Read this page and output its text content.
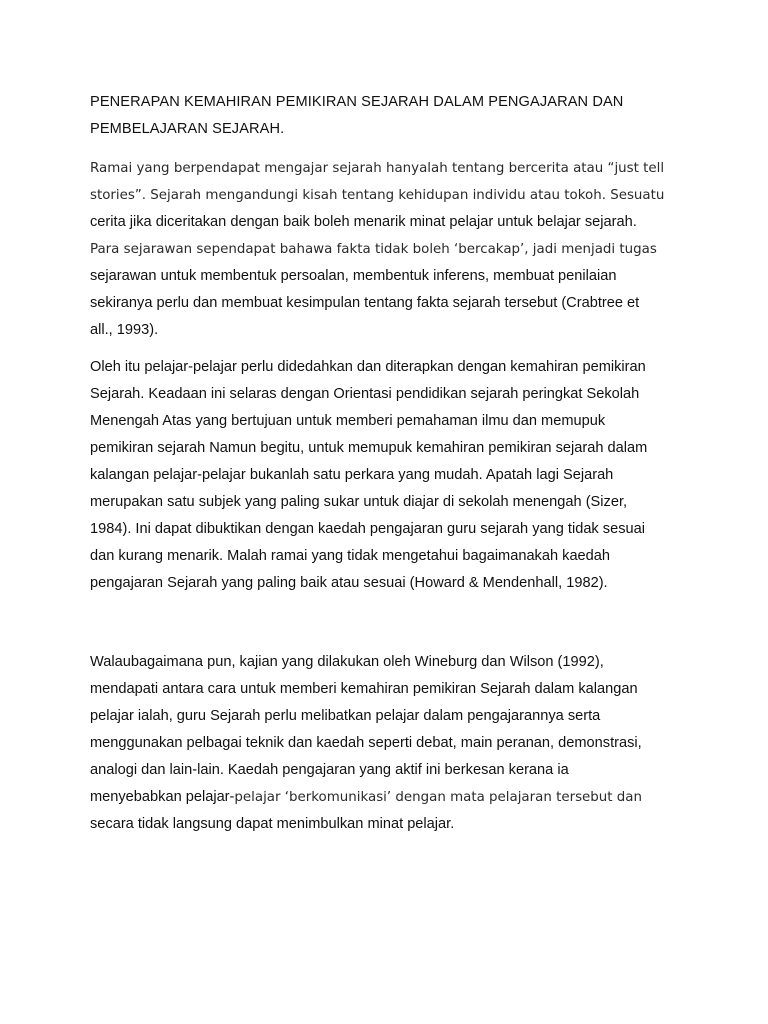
PENERAPAN KEMAHIRAN PEMIKIRAN SEJARAH DALAM PENGAJARAN DAN
PEMBELAJARAN SEJARAH.

Ramai yang berpendapat mengajar sejarah hanyalah tentang bercerita atau “just tell
stories”. Sejarah mengandungi kisah tentang kehidupan individu atau tokoh. Sesuatu
cerita jika diceritakan dengan baik boleh menarik minat pelajar untuk belajar sejarah.
Para sejarawan sependapat bahawa fakta tidak boleh ‘bercakap’, jadi menjadi tugas
sejarawan untuk membentuk persoalan, membentuk inferens, membuat penilaian
sekiranya perlu dan membuat kesimpulan tentang fakta sejarah tersebut (Crabtree et
all., 1993).

Oleh itu pelajar-pelajar perlu didedahkan dan diterapkan dengan kemahiran pemikiran
Sejarah. Keadaan ini selaras dengan Orientasi pendidikan sejarah peringkat Sekolah
Menengah Atas yang bertujuan untuk memberi pemahaman ilmu dan memupuk
pemikiran sejarah Namun begitu, untuk memupuk kemahiran pemikiran sejarah dalam
kalangan pelajar-pelajar bukanlah satu perkara yang mudah. Apatah lagi Sejarah
merupakan satu subjek yang paling sukar untuk diajar di sekolah menengah (Sizer,
1984). Ini dapat dibuktikan dengan kaedah pengajaran guru sejarah yang tidak sesuai
dan kurang menarik. Malah ramai yang tidak mengetahui bagaimanakah kaedah
pengajaran Sejarah yang paling baik atau sesuai (Howard & Mendenhall, 1982).

Walaubagaimana pun, kajian yang dilakukan oleh Wineburg dan Wilson (1992),
mendapati antara cara untuk memberi kemahiran pemikiran Sejarah dalam kalangan
pelajar ialah, guru Sejarah perlu melibatkan pelajar dalam pengajarannya serta
menggunakan pelbagai teknik dan kaedah seperti debat, main peranan, demonstrasi,
analogi dan lain-lain. Kaedah pengajaran yang aktif ini berkesan kerana ia
menyebabkan pelajar-pelajar ‘berkomunikasi’ dengan mata pelajaran tersebut dan
secara tidak langsung dapat menimbulkan minat pelajar.
